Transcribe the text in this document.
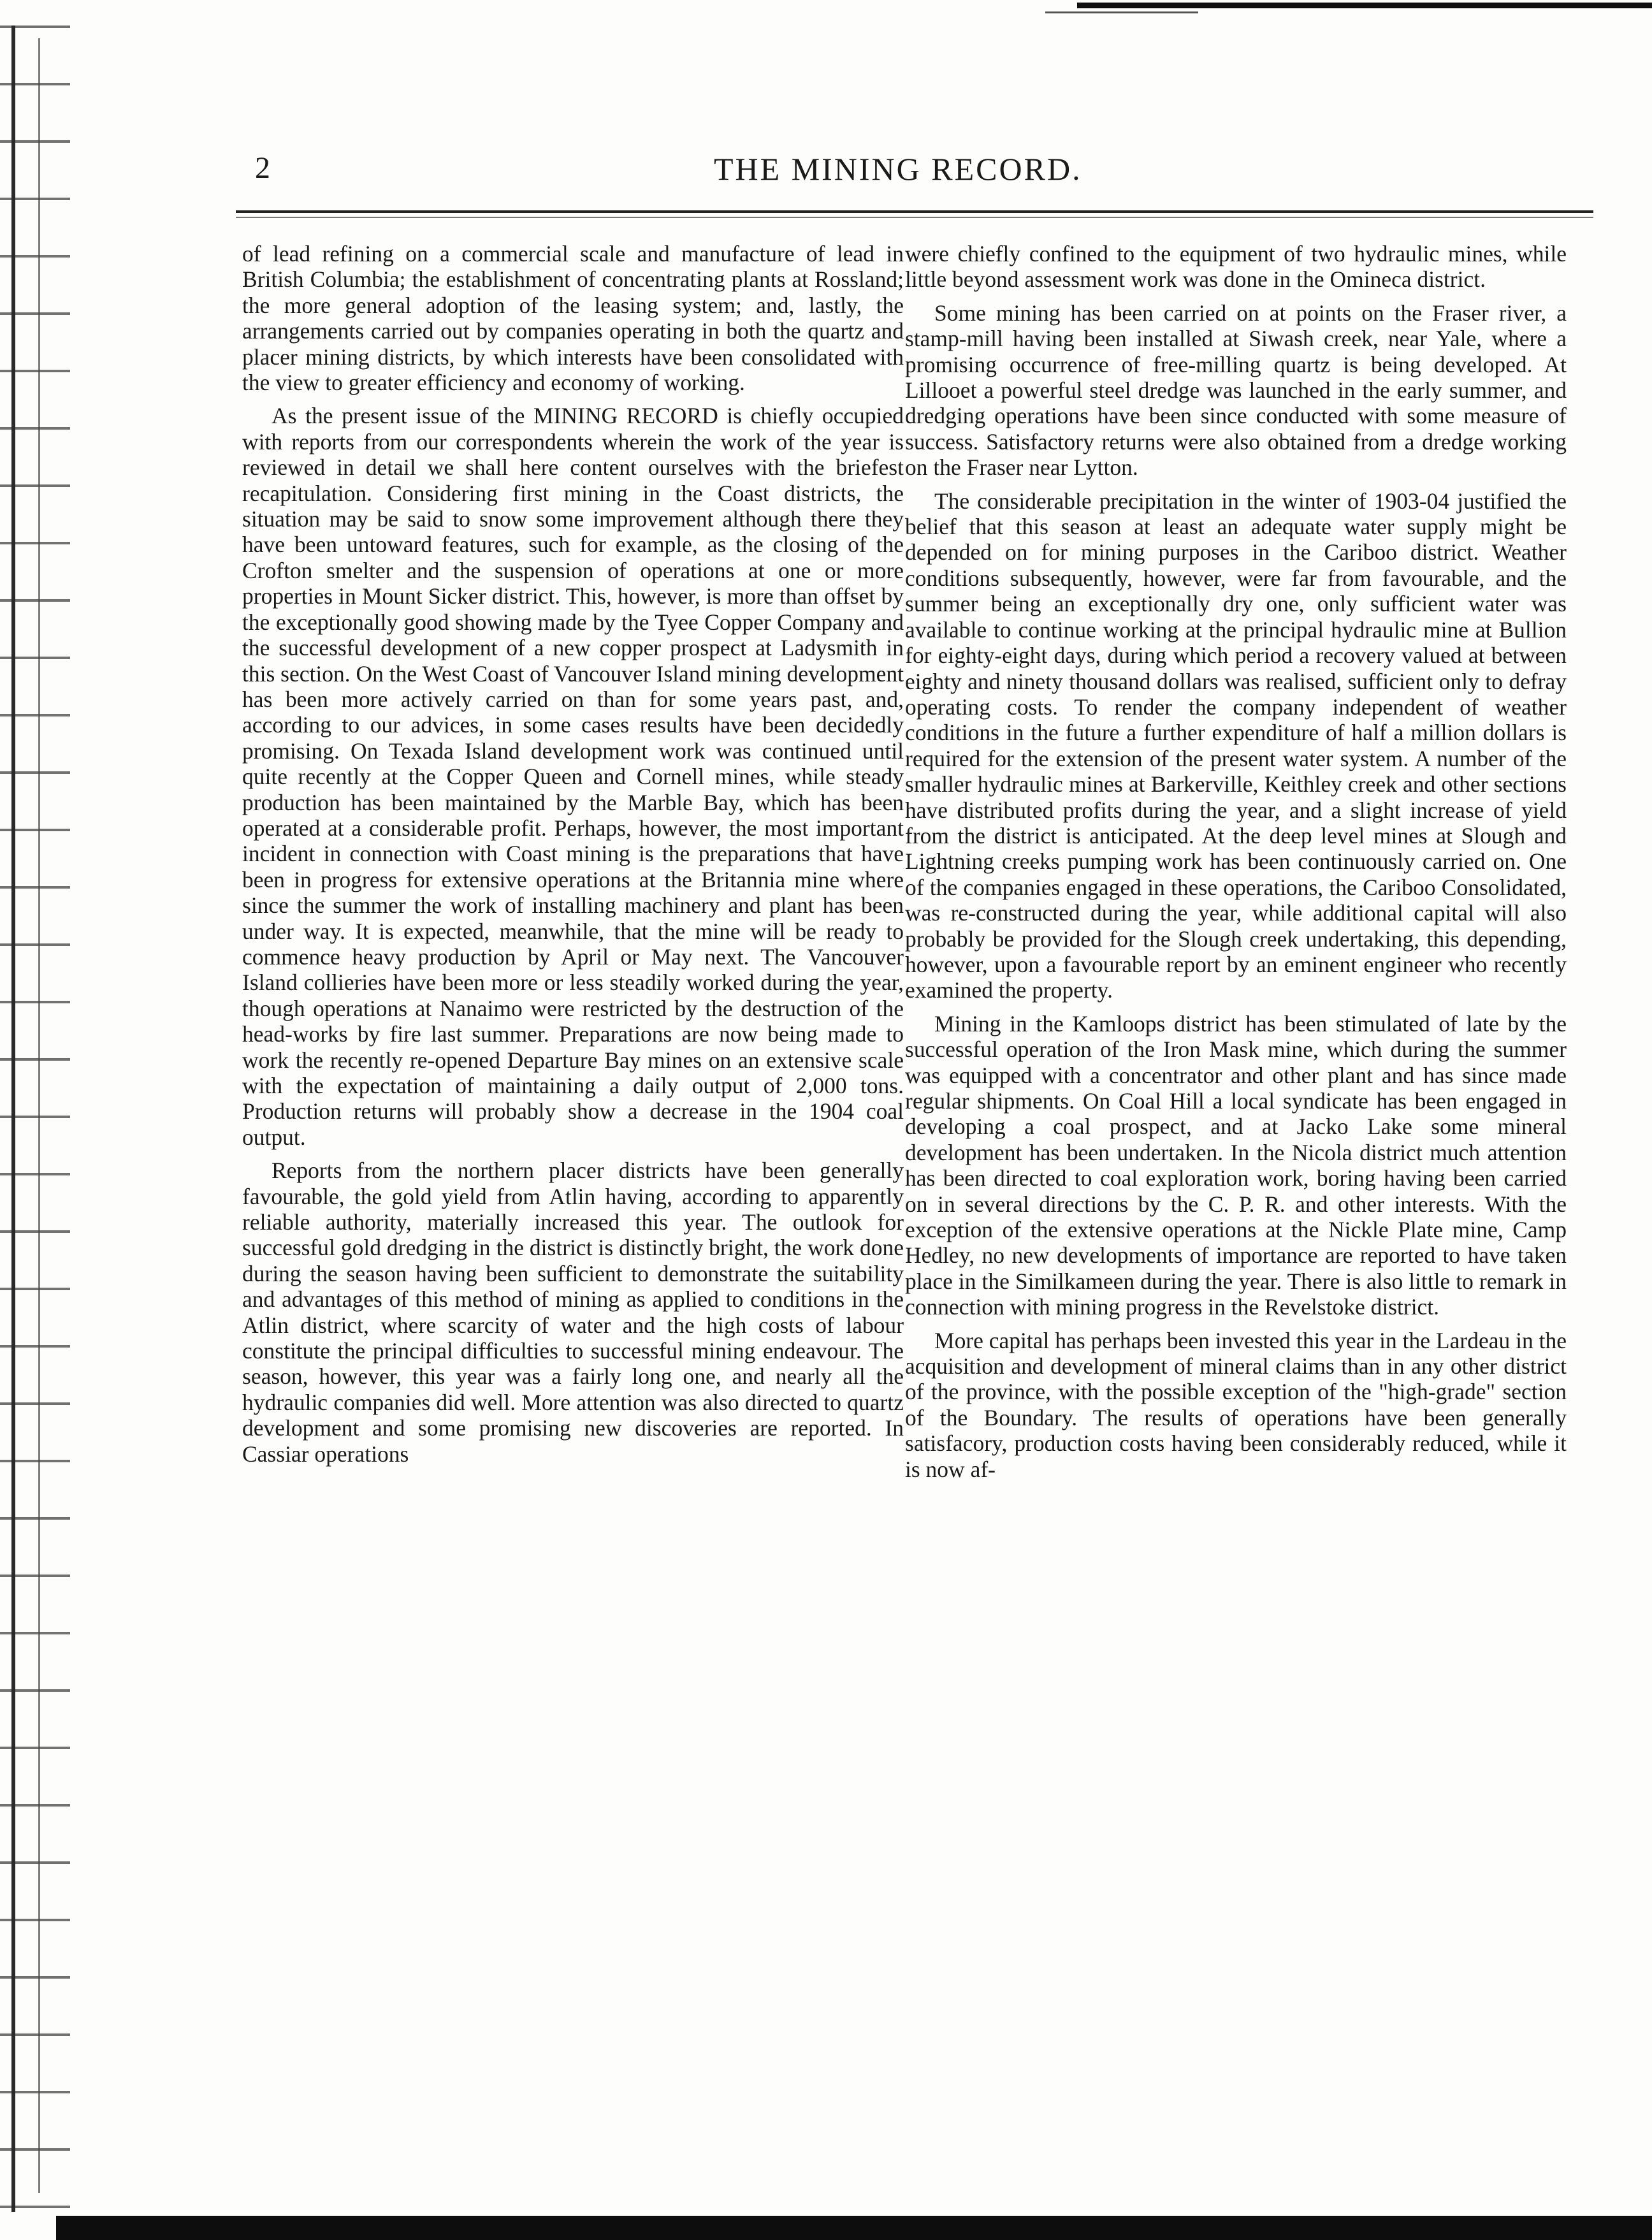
2	THE MINING RECORD.

of lead refining on a commercial scale and manufacture of lead in British Columbia; the establishment of concentrating plants at Rossland; the more general adoption of the leasing system; and, lastly, the arrangements carried out by companies operating in both the quartz and placer mining districts, by which interests have been consolidated with the view to greater efficiency and economy of working.

As the present issue of the MINING RECORD is chiefly occupied with reports from our correspondents wherein the work of the year is reviewed in detail we shall here content ourselves with the briefest recapitulation. Considering first mining in the Coast districts, the situation may be said to snow some improvement although there they have been untoward features, such for example, as the closing of the Crofton smelter and the suspension of operations at one or more properties in Mount Sicker district. This, however, is more than offset by the exceptionally good showing made by the Tyee Copper Company and the successful development of a new copper prospect at Ladysmith in this section. On the West Coast of Vancouver Island mining development has been more actively carried on than for some years past, and, according to our advices, in some cases results have been decidedly promising. On Texada Island development work was continued until quite recently at the Copper Queen and Cornell mines, while steady production has been maintained by the Marble Bay, which has been operated at a considerable profit. Perhaps, however, the most important incident in connection with Coast mining is the preparations that have been in progress for extensive operations at the Britannia mine where since the summer the work of installing machinery and plant has been under way. It is expected, meanwhile, that the mine will be ready to commence heavy production by April or May next. The Vancouver Island collieries have been more or less steadily worked during the year, though operations at Nanaimo were restricted by the destruction of the head-works by fire last summer. Preparations are now being made to work the recently re-opened Departure Bay mines on an extensive scale with the expectation of maintaining a daily output of 2,000 tons. Production returns will probably show a decrease in the 1904 coal output.

Reports from the northern placer districts have been generally favourable, the gold yield from Atlin having, according to apparently reliable authority, materially increased this year. The outlook for successful gold dredging in the district is distinctly bright, the work done during the season having been sufficient to demonstrate the suitability and advantages of this method of mining as applied to conditions in the Atlin district, where scarcity of water and the high costs of labour constitute the principal difficulties to successful mining endeavour. The season, however, this year was a fairly long one, and nearly all the hydraulic companies did well. More attention was also directed to quartz development and some promising new discoveries are reported. In Cassiar operations

were chiefly confined to the equipment of two hydraulic mines, while little beyond assessment work was done in the Omineca district.

Some mining has been carried on at points on the Fraser river, a stamp-mill having been installed at Siwash creek, near Yale, where a promising occurrence of free-milling quartz is being developed. At Lillooet a powerful steel dredge was launched in the early summer, and dredging operations have been since conducted with some measure of success. Satisfactory returns were also obtained from a dredge working on the Fraser near Lytton.

The considerable precipitation in the winter of 1903-04 justified the belief that this season at least an adequate water supply might be depended on for mining purposes in the Cariboo district. Weather conditions subsequently, however, were far from favourable, and the summer being an exceptionally dry one, only sufficient water was available to continue working at the principal hydraulic mine at Bullion for eighty-eight days, during which period a recovery valued at between eighty and ninety thousand dollars was realised, sufficient only to defray operating costs. To render the company independent of weather conditions in the future a further expenditure of half a million dollars is required for the extension of the present water system. A number of the smaller hydraulic mines at Barkerville, Keithley creek and other sections have distributed profits during the year, and a slight increase of yield from the district is anticipated. At the deep level mines at Slough and Lightning creeks pumping work has been continuously carried on. One of the companies engaged in these operations, the Cariboo Consolidated, was re-constructed during the year, while additional capital will also probably be provided for the Slough creek undertaking, this depending, however, upon a favourable report by an eminent engineer who recently examined the property.

Mining in the Kamloops district has been stimulated of late by the successful operation of the Iron Mask mine, which during the summer was equipped with a concentrator and other plant and has since made regular shipments. On Coal Hill a local syndicate has been engaged in developing a coal prospect, and at Jacko Lake some mineral development has been undertaken. In the Nicola district much attention has been directed to coal exploration work, boring having been carried on in several directions by the C. P. R. and other interests. With the exception of the extensive operations at the Nickle Plate mine, Camp Hedley, no new developments of importance are reported to have taken place in the Similkameen during the year. There is also little to remark in connection with mining progress in the Revelstoke district.

More capital has perhaps been invested this year in the Lardeau in the acquisition and development of mineral claims than in any other district of the province, with the possible exception of the "high-grade" section of the Boundary. The results of operations have been generally satisfacory, production costs having been considerably reduced, while it is now af-
